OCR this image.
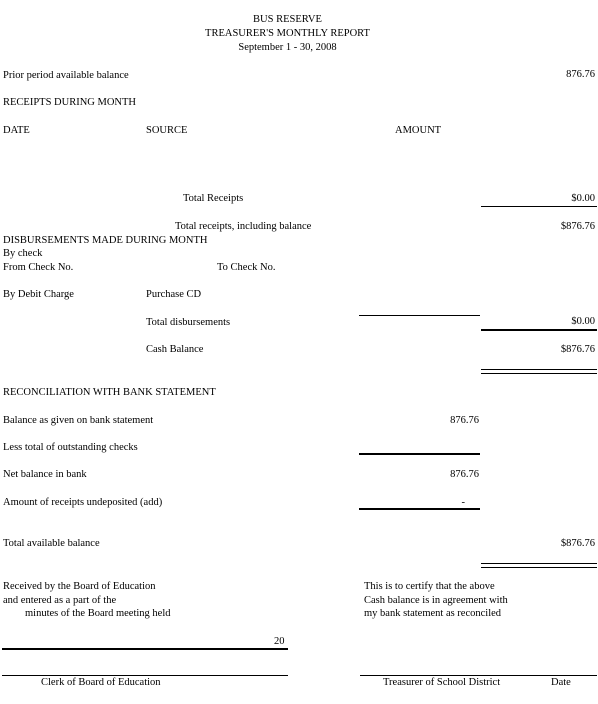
BUS RESERVE
TREASURER'S MONTHLY REPORT
September 1 - 30, 2008
Prior period available balance	876.76
RECEIPTS DURING MONTH
DATE	SOURCE	AMOUNT
Total Receipts	$0.00
Total receipts, including balance	$876.76
DISBURSEMENTS MADE DURING MONTH
By check
From Check No.	To Check No.
By Debit Charge	Purchase CD
Total disbursements	$0.00
Cash Balance	$876.76
RECONCILIATION WITH BANK STATEMENT
Balance as given on bank statement	876.76
Less total of outstanding checks
Net balance in bank	876.76
Amount of receipts undeposited (add)	-
Total available balance	$876.76
Received by the Board of Education
and entered as a part of the
minutes of the Board meeting held
This is to certify that the above
Cash balance is in agreement with
my bank statement as reconciled
20
Clerk of Board of Education	Treasurer of School District	Date
